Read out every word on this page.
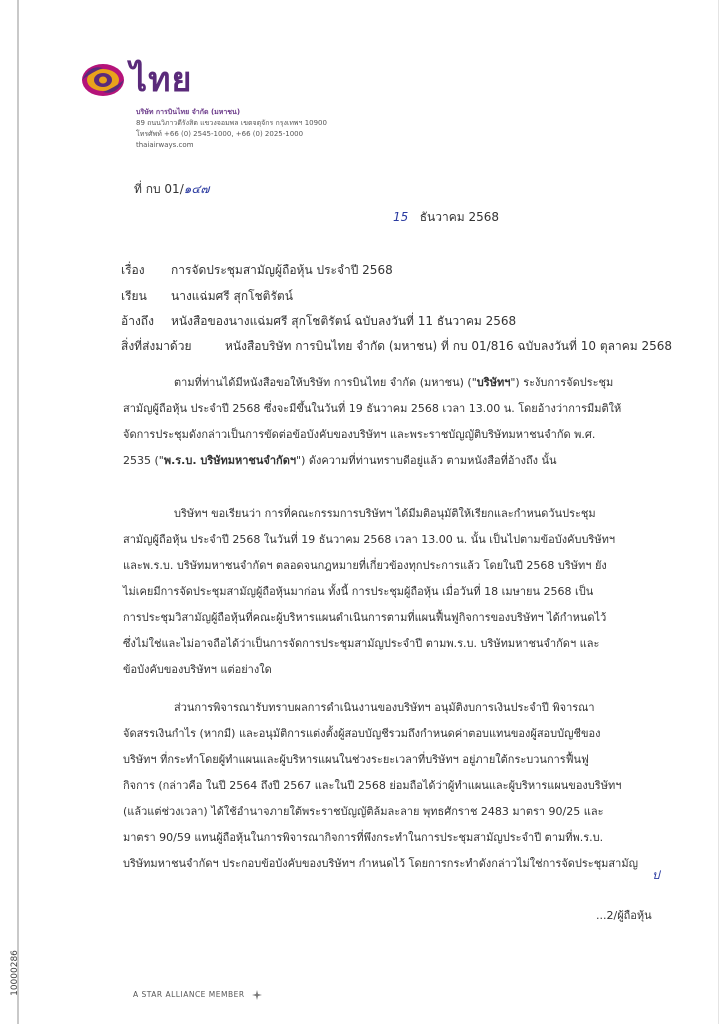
ไทย
บริษัท การบินไทย จำกัด (มหาชน)
89 ถนนวิภาวดีรังสิต แขวงจอมพล เขตจตุจักร กรุงเทพฯ 10900
โทรศัพท์ +66 (0) 2545-1000, +66 (0) 2025-1000
thaiairways.com
ที่ กบ 01/๑๔๗
15 ธันวาคม 2568
เรื่อง การจัดประชุมสามัญผู้ถือหุ้น ประจำปี 2568
เรียน นางแฉ่มศรี สุกโชติรัตน์
อ้างถึง หนังสือของนางแฉ่มศรี สุกโชติรัตน์ ฉบับลงวันที่ 11 ธันวาคม 2568
สิ่งที่ส่งมาด้วย	หนังสือบริษัท การบินไทย จำกัด (มหาชน) ที่ กบ 01/816 ฉบับลงวันที่ 10 ตุลาคม 2568
ตามที่ท่านได้มีหนังสือขอให้บริษัท การบินไทย จำกัด (มหาชน) ("บริษัทฯ") ระงับการจัดประชุม
สามัญผู้ถือหุ้น ประจำปี 2568 ซึ่งจะมีขึ้นในวันที่ 19 ธันวาคม 2568 เวลา 13.00 น. โดยอ้างว่าการมีมติให้
จัดการประชุมดังกล่าวเป็นการขัดต่อข้อบังคับของบริษัทฯ และพระราชบัญญัติบริษัทมหาชนจำกัด พ.ศ.
2535 ("พ.ร.บ. บริษัทมหาชนจำกัดฯ") ดังความที่ท่านทราบดีอยู่แล้ว ตามหนังสือที่อ้างถึง นั้น
บริษัทฯ ขอเรียนว่า การที่คณะกรรมการบริษัทฯ ได้มีมติอนุมัติให้เรียกและกำหนดวันประชุม
สามัญผู้ถือหุ้น ประจำปี 2568 ในวันที่ 19 ธันวาคม 2568 เวลา 13.00 น. นั้น เป็นไปตามข้อบังคับบริษัทฯ
และพ.ร.บ. บริษัทมหาชนจำกัดฯ ตลอดจนกฎหมายที่เกี่ยวข้องทุกประการแล้ว โดยในปี 2568 บริษัทฯ ยัง
ไม่เคยมีการจัดประชุมสามัญผู้ถือหุ้นมาก่อน ทั้งนี้ การประชุมผู้ถือหุ้น เมื่อวันที่ 18 เมษายน 2568 เป็น
การประชุมวิสามัญผู้ถือหุ้นที่คณะผู้บริหารแผนดำเนินการตามที่แผนฟื้นฟูกิจการของบริษัทฯ ได้กำหนดไว้
ซึ่งไม่ใช่และไม่อาจถือได้ว่าเป็นการจัดการประชุมสามัญประจำปี ตามพ.ร.บ. บริษัทมหาชนจำกัดฯ และ
ข้อบังคับของบริษัทฯ แต่อย่างใด
ส่วนการพิจารณารับทราบผลการดำเนินงานของบริษัทฯ อนุมัติงบการเงินประจำปี พิจารณา
จัดสรรเงินกำไร (หากมี) และอนุมัติการแต่งตั้งผู้สอบบัญชีรวมถึงกำหนดค่าตอบแทนของผู้สอบบัญชีของ
บริษัทฯ ที่กระทำโดยผู้ทำแผนและผู้บริหารแผนในช่วงระยะเวลาที่บริษัทฯ อยู่ภายใต้กระบวนการฟื้นฟู
กิจการ (กล่าวคือ ในปี 2564 ถึงปี 2567 และในปี 2568 ย่อมถือได้ว่าผู้ทำแผนและผู้บริหารแผนของบริษัทฯ
(แล้วแต่ช่วงเวลา) ได้ใช้อำนาจภายใต้พระราชบัญญัติล้มละลาย พุทธศักราช 2483 มาตรา 90/25 และ
มาตรา 90/59 แทนผู้ถือหุ้นในการพิจารณากิจการที่พึงกระทำในการประชุมสามัญประจำปี ตามที่พ.ร.บ.
บริษัทมหาชนจำกัดฯ ประกอบข้อบังคับของบริษัทฯ กำหนดไว้ โดยการกระทำดังกล่าวไม่ใช่การจัดประชุมสามัญ
ป
...2/ผู้ถือหุ้น
A STAR ALLIANCE MEMBER
10000286
